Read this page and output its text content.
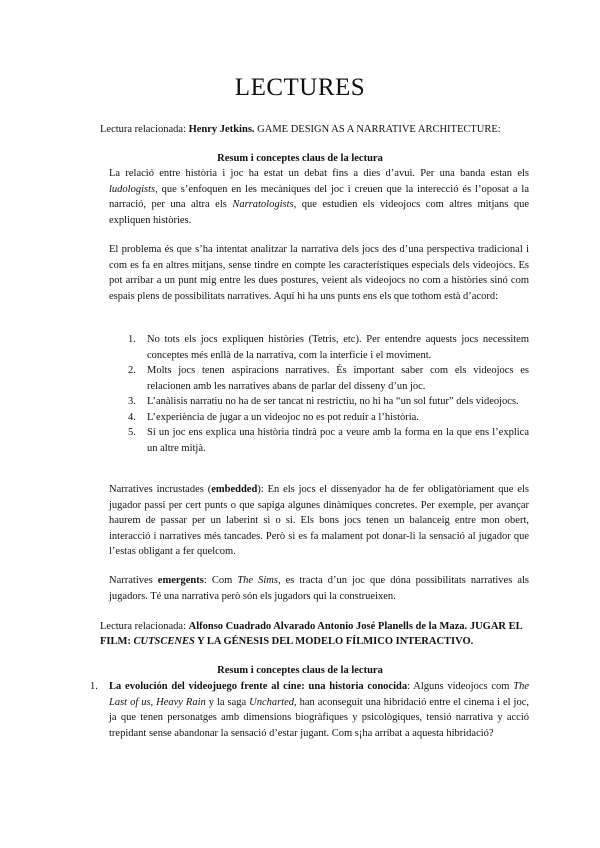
LECTURES
Lectura relacionada: Henry Jetkins. GAME DESIGN AS A NARRATIVE ARCHITECTURE:
Resum i conceptes claus de la lectura

La relació entre història i joc ha estat un debat fins a dies d’avui. Per una banda estan els ludologists, que s’enfoquen en les mecàniques del joc i creuen que la interecció és l’oposat a la narració, per una altra els Narratologists, que estudien els videojocs com altres mitjans que expliquen històries.

El problema és que s’ha intentat analitzar la narrativa dels jocs des d’una perspectiva tradicional i com es fa en altres mitjans, sense tindre en compte les característiques especials dels videojocs. Es pot arribar a un punt mig entre les dues postures, veient als videojocs no com a històries sinó com espais plens de possibilitats narratives. Aquí hi ha uns punts ens els que tothom està d’acord:

1. No tots els jocs expliquen històries (Tetris, etc). Per entendre aquests jocs necessitem conceptes més enllà de la narrativa, com la interficie i el moviment.
2. Molts jocs tenen aspiracions narratives. És important saber com els videojocs es relacionen amb les narratives abans de parlar del disseny d’un joc.
3. L’anàlisis narratiu no ha de ser tancat ni restrictiu, no hi ha “un sol futur” dels videojocs.
4. L’experiència de jugar a un videojoc no es pot reduir a l’història.
5. Si un joc ens explica una història tindrà poc a veure amb la forma en la que ens l’explica un altre mitjà.

Narratives incrustades (embedded): En els jocs el dissenyador ha de fer obligatòriament que els jugador passi per cert punts o que sapiga algunes dinàmiques concretes. Per exemple, per avançar haurem de passar per un laberint si o si. Els bons jocs tenen un balanceig entre mon obert, interacció i narratives més tancades. Però si es fa malament pot donar-li la sensació al jugador que l’estas obligant a fer quelcom.

Narratives emergents: Com The Sims, es tracta d’un joc que dóna possibilitats narratives als jugadors. Té una narrativa però són els jugadors qui la construeixen.

Lectura relacionada: Alfonso Cuadrado Alvarado Antonio José Planells de la Maza. JUGAR EL
FILM: CUTSCENES Y LA GÉNESIS DEL MODELO FÍLMICO INTERACTIVO.
Resum i conceptes claus de la lectura
1. La evolución del videojuego frente al cine: una historia conocida: Alguns videojocs com The Last of us, Heavy Rain y la saga Uncharted, han aconseguit una hibridació entre el cinema i el joc, ja que tenen personatges amb dimensions biogràfiques y psicològiques, tensió narrativa y acció trepidant sense abandonar la sensació d’estar jugant. Com s¡ha arribat a aquesta hibridació?
